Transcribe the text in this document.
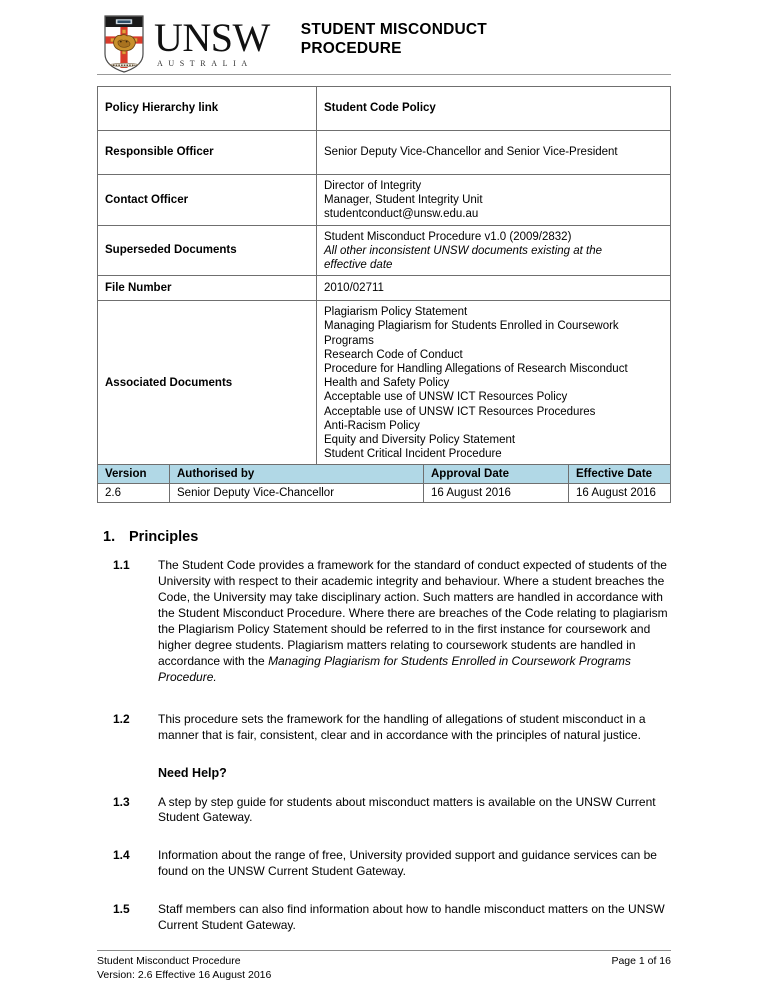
UNSW
AUSTRALIA
STUDENT MISCONDUCT
PROCEDURE
Policy Hierarchy link	Student Code Policy
Responsible Officer	Senior Deputy Vice-Chancellor and Senior Vice-President
Contact Officer	Director of Integrity
Manager, Student Integrity Unit
studentconduct@unsw.edu.au

Superseded Documents	Student Misconduct Procedure v1.0 (2009/2832)
All other inconsistent UNSW documents existing at the
effective date

File Number	2010/02711
Associated Documents	
Plagiarism Policy Statement
Managing Plagiarism for Students Enrolled in Coursework
Programs
Research Code of Conduct
Procedure for Handling Allegations of Research Misconduct
Health and Safety Policy
Acceptable use of UNSW ICT Resources Policy
Acceptable use of UNSW ICT Resources Procedures
Anti-Racism Policy
Equity and Diversity Policy Statement
Student Critical Incident Procedure
Version	Authorised by	Approval Date	Effective Date
2.6	Senior Deputy Vice-Chancellor	16 August 2016	16 August 2016
1. Principles
1.1	The Student Code provides a framework for the standard of conduct expected of students of the University with respect to their academic integrity and behaviour. Where a student breaches the Code, the University may take disciplinary action. Such matters are handled in accordance with the Student Misconduct Procedure. Where there are breaches of the Code relating to plagiarism the Plagiarism Policy Statement should be referred to in the first instance for coursework and higher degree students. Plagiarism matters relating to coursework students are handled in accordance with the Managing Plagiarism for Students Enrolled in Coursework Programs Procedure.
1.2	This procedure sets the framework for the handling of allegations of student misconduct in a manner that is fair, consistent, clear and in accordance with the principles of natural justice.
Need Help?
1.3	A step by step guide for students about misconduct matters is available on the UNSW Current Student Gateway.
1.4	Information about the range of free, University provided support and guidance services can be found on the UNSW Current Student Gateway.
1.5	Staff members can also find information about how to handle misconduct matters on the UNSW Current Student Gateway.
Student Misconduct Procedure
Version: 2.6 Effective 16 August 2016
Page 1 of 16
